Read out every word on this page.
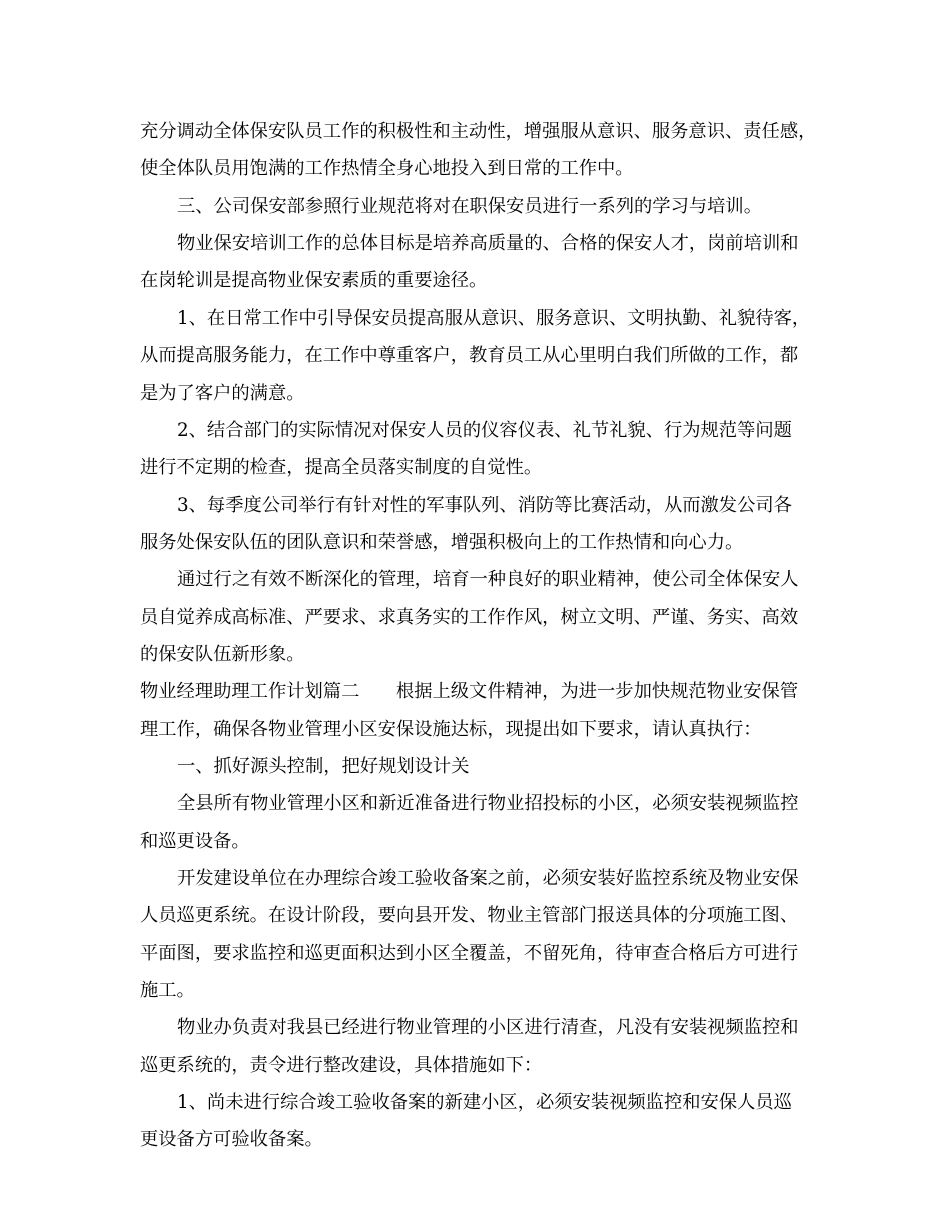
充分调动全体保安队员工作的积极性和主动性，增强服从意识、服务意识、责任感，
使全体队员用饱满的工作热情全身心地投入到日常的工作中。
三、公司保安部参照行业规范将对在职保安员进行一系列的学习与培训。
物业保安培训工作的总体目标是培养高质量的、合格的保安人才，岗前培训和
在岗轮训是提高物业保安素质的重要途径。
1、在日常工作中引导保安员提高服从意识、服务意识、文明执勤、礼貌待客，
从而提高服务能力，在工作中尊重客户，教育员工从心里明白我们所做的工作，都
是为了客户的满意。
2、结合部门的实际情况对保安人员的仪容仪表、礼节礼貌、行为规范等问题
进行不定期的检查，提高全员落实制度的自觉性。
3、每季度公司举行有针对性的军事队列、消防等比赛活动，从而激发公司各
服务处保安队伍的团队意识和荣誉感，增强积极向上的工作热情和向心力。
通过行之有效不断深化的管理，培育一种良好的职业精神，使公司全体保安人
员自觉养成高标准、严要求、求真务实的工作作风，树立文明、严谨、务实、高效
的保安队伍新形象。
物业经理助理工作计划篇二　　根据上级文件精神，为进一步加快规范物业安保管
理工作，确保各物业管理小区安保设施达标，现提出如下要求，请认真执行：
一、抓好源头控制，把好规划设计关
全县所有物业管理小区和新近准备进行物业招投标的小区，必须安装视频监控
和巡更设备。
开发建设单位在办理综合竣工验收备案之前，必须安装好监控系统及物业安保
人员巡更系统。在设计阶段，要向县开发、物业主管部门报送具体的分项施工图、
平面图，要求监控和巡更面积达到小区全覆盖，不留死角，待审查合格后方可进行
施工。
物业办负责对我县已经进行物业管理的小区进行清查，凡没有安装视频监控和
巡更系统的，责令进行整改建设，具体措施如下：
1、尚未进行综合竣工验收备案的新建小区，必须安装视频监控和安保人员巡
更设备方可验收备案。
